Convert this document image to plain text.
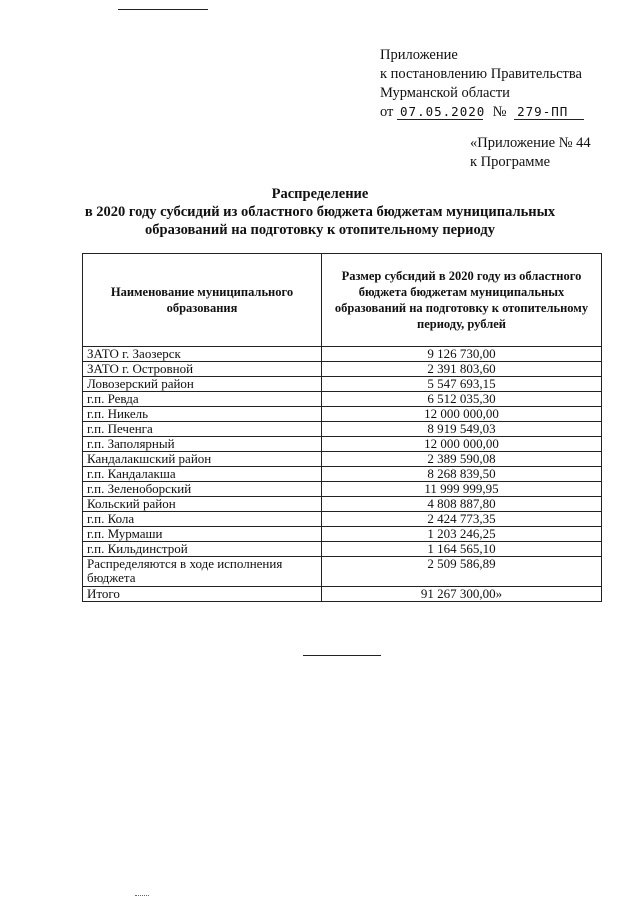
Приложение
к постановлению Правительства
Мурманской области
от 07.05.2020 № 279-ПП
«Приложение № 44
к Программе
Распределение
в 2020 году субсидий из областного бюджета бюджетам муниципальных
образований на подготовку к отопительному периоду
Наименование муниципального образования	Размер субсидий в 2020 году из областного бюджета бюджетам муниципальных образований на подготовку к отопительному периоду, рублей
ЗАТО г. Заозерск	9 126 730,00
ЗАТО г. Островной	2 391 803,60
Ловозерский район	5 547 693,15
г.п. Ревда	6 512 035,30
г.п. Никель	12 000 000,00
г.п. Печенга	8 919 549,03
г.п. Заполярный	12 000 000,00
Кандалакшский район	2 389 590,08
г.п. Кандалакша	8 268 839,50
г.п. Зеленоборский	11 999 999,95
Кольский район	4 808 887,80
г.п. Кола	2 424 773,35
г.п. Мурмаши	1 203 246,25
г.п. Кильдинстрой	1 164 565,10
Распределяются в ходе исполнения бюджета	2 509 586,89
Итого	91 267 300,00»
